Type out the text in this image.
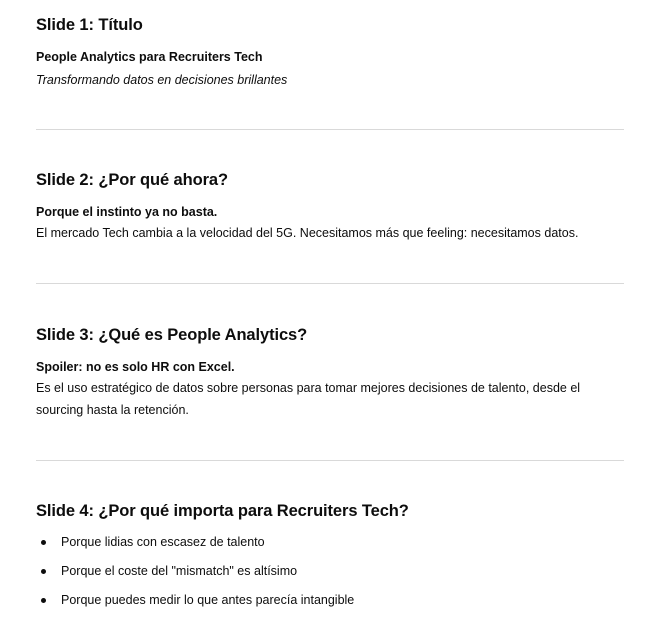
Slide 1: Título

People Analytics para Recruiters Tech

Transformando datos en decisiones brillantes

Slide 2: ¿Por qué ahora?

Porque el instinto ya no basta.

El mercado Tech cambia a la velocidad del 5G. Necesitamos más que feeling: necesitamos datos.

Slide 3: ¿Qué es People Analytics?

Spoiler: no es solo HR con Excel.

Es el uso estratégico de datos sobre personas para tomar mejores decisiones de talento, desde el sourcing hasta la retención.

Slide 4: ¿Por qué importa para Recruiters Tech?
Porque lidias con escasez de talento
Porque el coste del "mismatch" es altísimo
Porque puedes medir lo que antes parecía intangible
